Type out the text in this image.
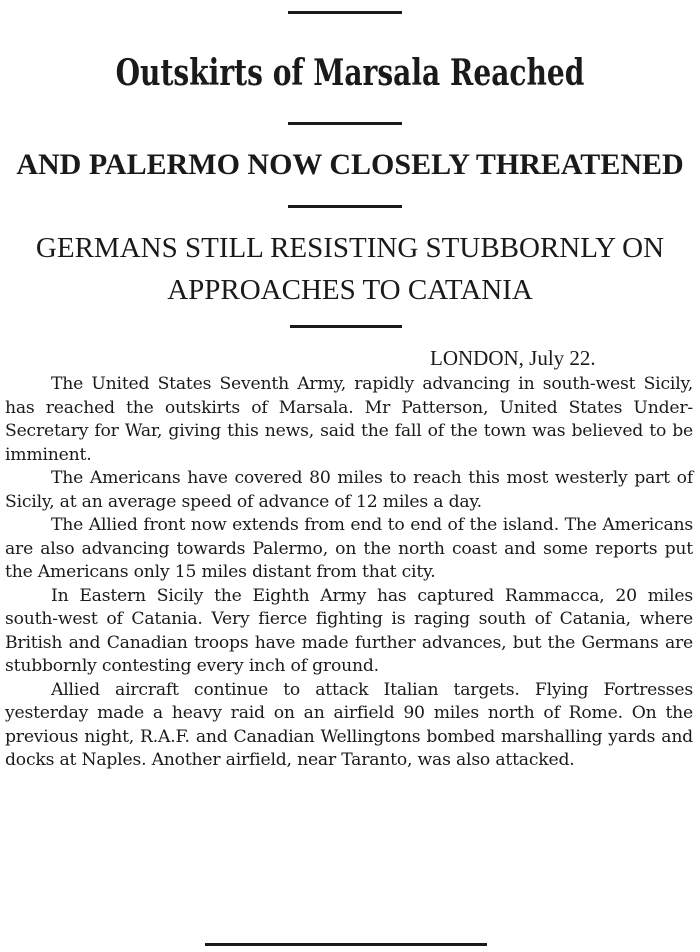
Outskirts of Marsala Reached
AND PALERMO NOW CLOSELY THREATENED
GERMANS STILL RESISTING STUBBORNLY ON
APPROACHES TO CATANIA
LONDON, July 22.

The United States Seventh Army, rapidly advancing in south-west Sicily, has reached the outskirts of Marsala. Mr Patterson, United States Under-Secretary for War, giving this news, said the fall of the town was believed to be imminent.

The Americans have covered 80 miles to reach this most westerly part of Sicily, at an average speed of advance of 12 miles a day.

The Allied front now extends from end to end of the island. The Americans are also advancing towards Palermo, on the north coast and some reports put the Americans only 15 miles distant from that city.

In Eastern Sicily the Eighth Army has captured Rammacca, 20 miles south-west of Catania. Very fierce fighting is raging south of Catania, where British and Canadian troops have made further advances, but the Germans are stubbornly contesting every inch of ground.

Allied aircraft continue to attack Italian targets. Flying Fortresses yesterday made a heavy raid on an airfield 90 miles north of Rome. On the previous night, R.A.F. and Canadian Wellingtons bombed marshalling yards and docks at Naples. Another airfield, near Taranto, was also attacked.
